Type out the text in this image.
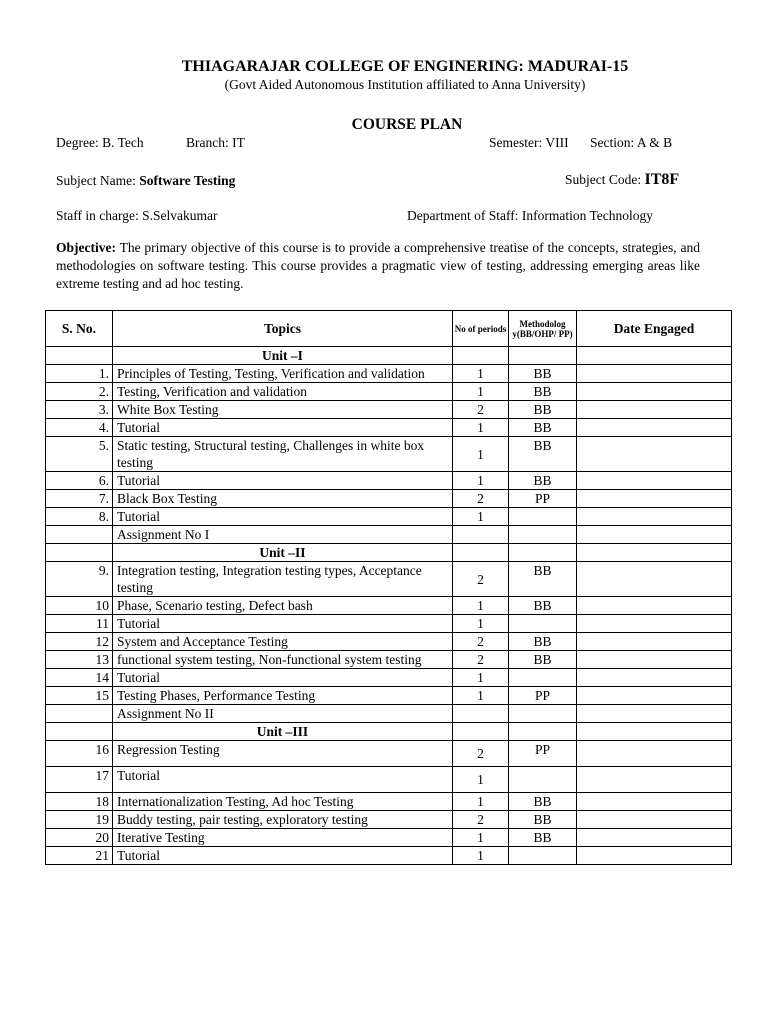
THIAGARAJAR COLLEGE OF ENGINERING: MADURAI-15
(Govt Aided Autonomous Institution affiliated to Anna University)
COURSE PLAN
Degree: B. Tech	Branch: IT	Semester: VIII Section: A & B
Subject Name: Software Testing	Subject Code: IT8F
Staff in charge: S.Selvakumar	Department of Staff: Information Technology
Objective: The primary objective of this course is to provide a comprehensive treatise of the concepts, strategies, and methodologies on software testing. This course provides a pragmatic view of testing, addressing emerging areas like extreme testing and ad hoc testing.
S. No.	Topics	No of periods	Methodolog y(BB/OHP/ PP)	Date Engaged
	Unit –I			
1.	Principles of Testing, Testing, Verification and validation	1	BB	
2.	Testing, Verification and validation	1	BB	
3.	White Box Testing	2	BB	
4.	Tutorial	1	BB	
5.	Static testing, Structural testing, Challenges in white box testing	1	BB	
6.	Tutorial	1	BB	
7.	Black Box Testing	2	PP	
8.	Tutorial	1		
	Assignment No I			
	Unit –II			
9.	Integration testing, Integration testing types, Acceptance testing	2	BB	
10	Phase, Scenario testing, Defect bash	1	BB	
11	Tutorial	1		
12	System and Acceptance Testing	2	BB	
13	functional system testing, Non-functional system testing	2	BB	
14	Tutorial	1		
15	Testing Phases, Performance Testing	1	PP	
	Assignment No II			
	Unit –III			
16	Regression Testing	2	PP	
17	Tutorial	1		
18	Internationalization Testing, Ad hoc Testing	1	BB	
19	Buddy testing, pair testing, exploratory testing	2	BB	
20	Iterative Testing	1	BB	
21	Tutorial	1		
